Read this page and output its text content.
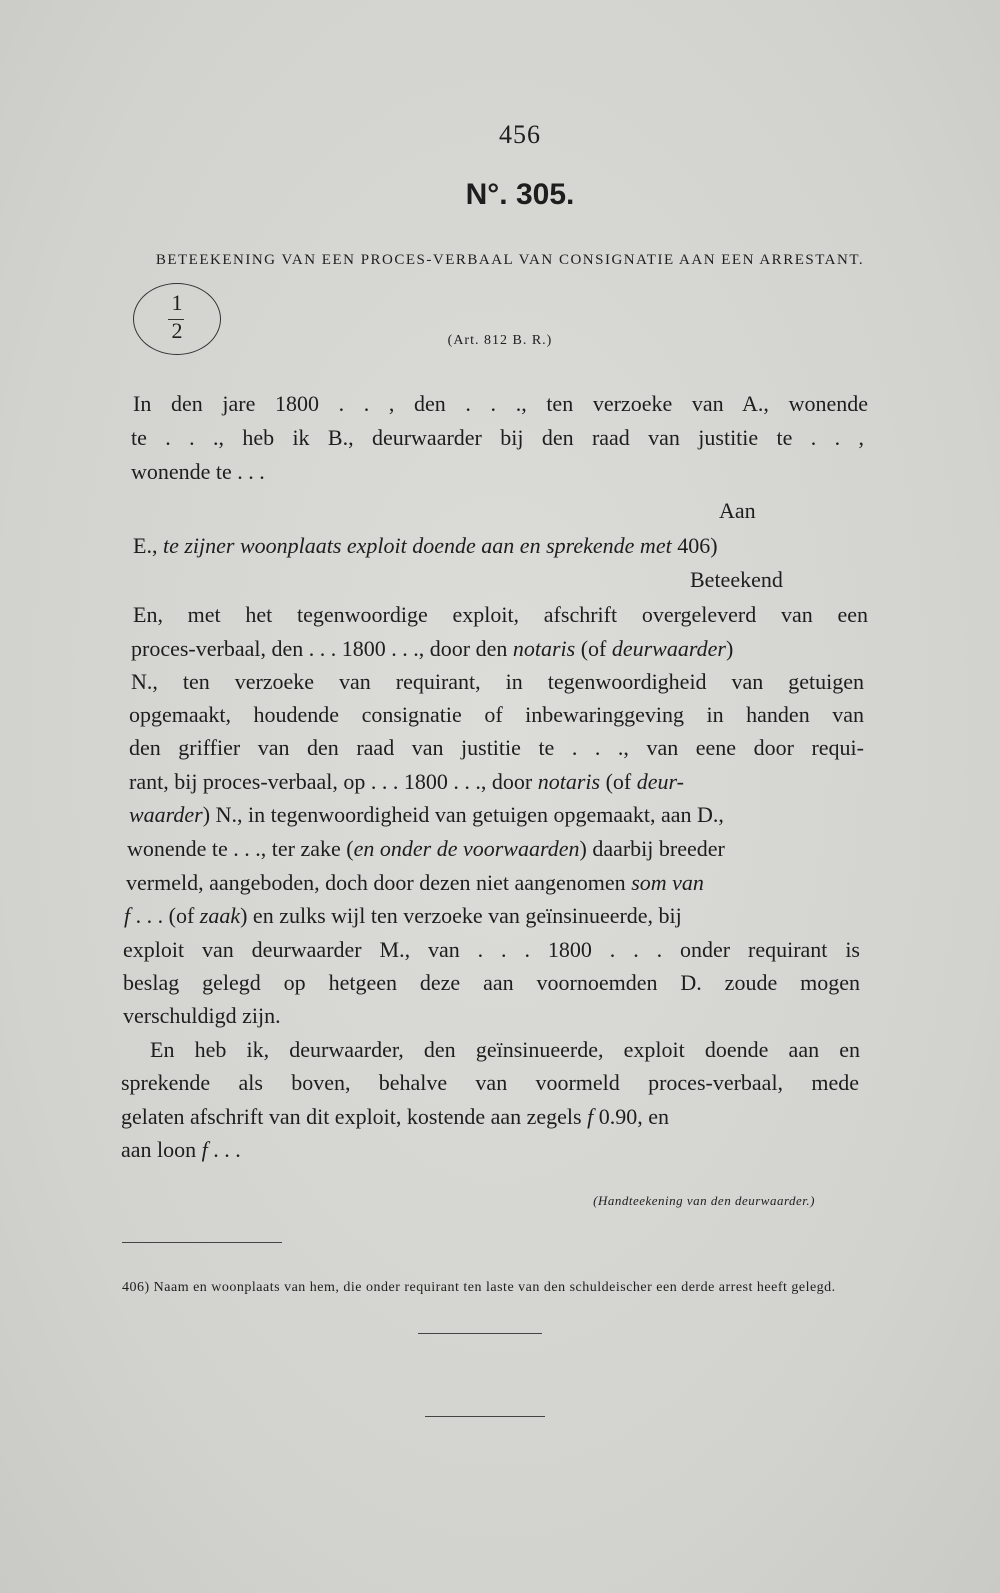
456
N°. 305.
BETEEKENING VAN EEN PROCES-VERBAAL VAN CONSIGNATIE AAN EEN ARRESTANT.
1
2	(Art. 812 B. R.)
In den jare 1800 . . , den . . ., ten verzoeke van A., wonende
te . . ., heb ik B., deurwaarder bij den raad van justitie te . . ,
wonende te . . .
Aan
E., te zijner woonplaats exploit doende aan en sprekende met 406)
Beteekend
En, met het tegenwoordige exploit, afschrift overgeleverd van een
proces-verbaal, den . . . 1800 . . ., door den notaris (of deurwaarder)
N., ten verzoeke van requirant, in tegenwoordigheid van getuigen
opgemaakt, houdende consignatie of inbewaringgeving in handen van
den griffier van den raad van justitie te . . ., van eene door requi-
rant, bij proces-verbaal, op . . . 1800 . . ., door notaris (of deur-
waarder) N., in tegenwoordigheid van getuigen opgemaakt, aan D.,
wonende te . . ., ter zake (en onder de voorwaarden) daarbij breeder
vermeld, aangeboden, doch door dezen niet aangenomen som van
f . . . (of zaak) en zulks wijl ten verzoeke van geïnsinueerde, bij
exploit van deurwaarder M., van . . . 1800 . . . onder requirant is
beslag gelegd op hetgeen deze aan voornoemden D. zoude mogen
verschuldigd zijn.
En heb ik, deurwaarder, den geïnsinueerde, exploit doende aan en
sprekende als boven, behalve van voormeld proces-verbaal, mede
gelaten afschrift van dit exploit, kostende aan zegels f 0.90, en
aan loon f . . .
(Handteekening van den deurwaarder.)
406) Naam en woonplaats van hem, die onder requirant ten laste van den schuldeischer een derde arrest heeft gelegd.
